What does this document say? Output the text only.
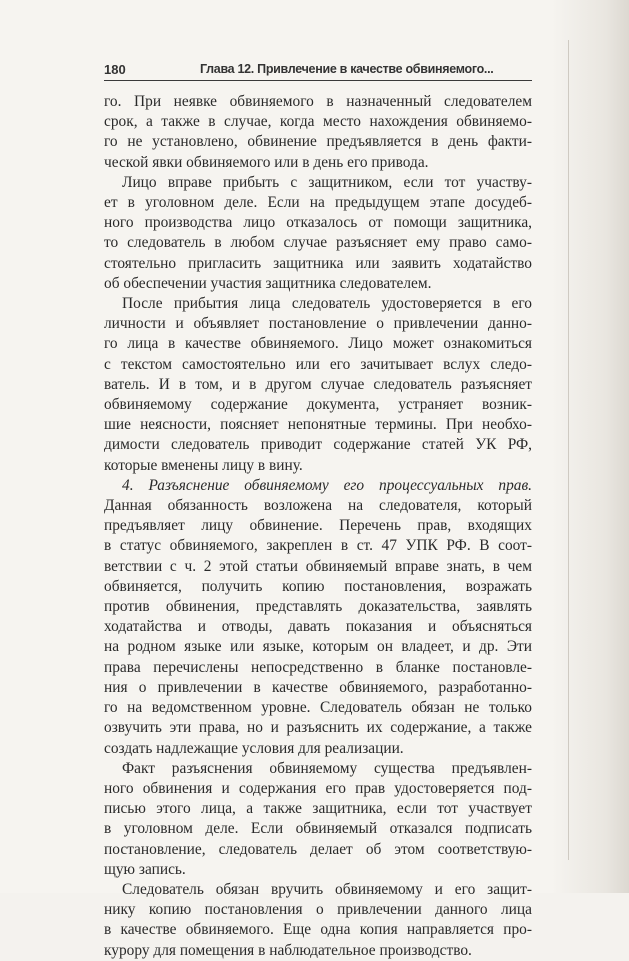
180	Глава 12. Привлечение в качестве обвиняемого...
го. При неявке обвиняемого в назначенный следователем
срок, а также в случае, когда место нахождения обвиняемо-
го не установлено, обвинение предъявляется в день факти-
ческой явки обвиняемого или в день его привода.
Лицо вправе прибыть с защитником, если тот участву-
ет в уголовном деле. Если на предыдущем этапе досудеб-
ного производства лицо отказалось от помощи защитника,
то следователь в любом случае разъясняет ему право само-
стоятельно пригласить защитника или заявить ходатайство
об обеспечении участия защитника следователем.
После прибытия лица следователь удостоверяется в его
личности и объявляет постановление о привлечении данно-
го лица в качестве обвиняемого. Лицо может ознакомиться
с текстом самостоятельно или его зачитывает вслух следо-
ватель. И в том, и в другом случае следователь разъясняет
обвиняемому содержание документа, устраняет возник-
шие неясности, поясняет непонятные термины. При необхо-
димости следователь приводит содержание статей УК РФ,
которые вменены лицу в вину.
4. Разъяснение обвиняемому его процессуальных прав.
Данная обязанность возложена на следователя, который
предъявляет лицу обвинение. Перечень прав, входящих
в статус обвиняемого, закреплен в ст. 47 УПК РФ. В соот-
ветствии с ч. 2 этой статьи обвиняемый вправе знать, в чем
обвиняется, получить копию постановления, возражать
против обвинения, представлять доказательства, заявлять
ходатайства и отводы, давать показания и объясняться
на родном языке или языке, которым он владеет, и др. Эти
права перечислены непосредственно в бланке постановле-
ния о привлечении в качестве обвиняемого, разработанно-
го на ведомственном уровне. Следователь обязан не только
озвучить эти права, но и разъяснить их содержание, а также
создать надлежащие условия для реализации.
Факт разъяснения обвиняемому существа предъявлен-
ного обвинения и содержания его прав удостоверяется под-
писью этого лица, а также защитника, если тот участвует
в уголовном деле. Если обвиняемый отказался подписать
постановление, следователь делает об этом соответствую-
щую запись.
Следователь обязан вручить обвиняемому и его защит-
нику копию постановления о привлечении данного лица
в качестве обвиняемого. Еще одна копия направляется про-
курору для помещения в наблюдательное производство.
